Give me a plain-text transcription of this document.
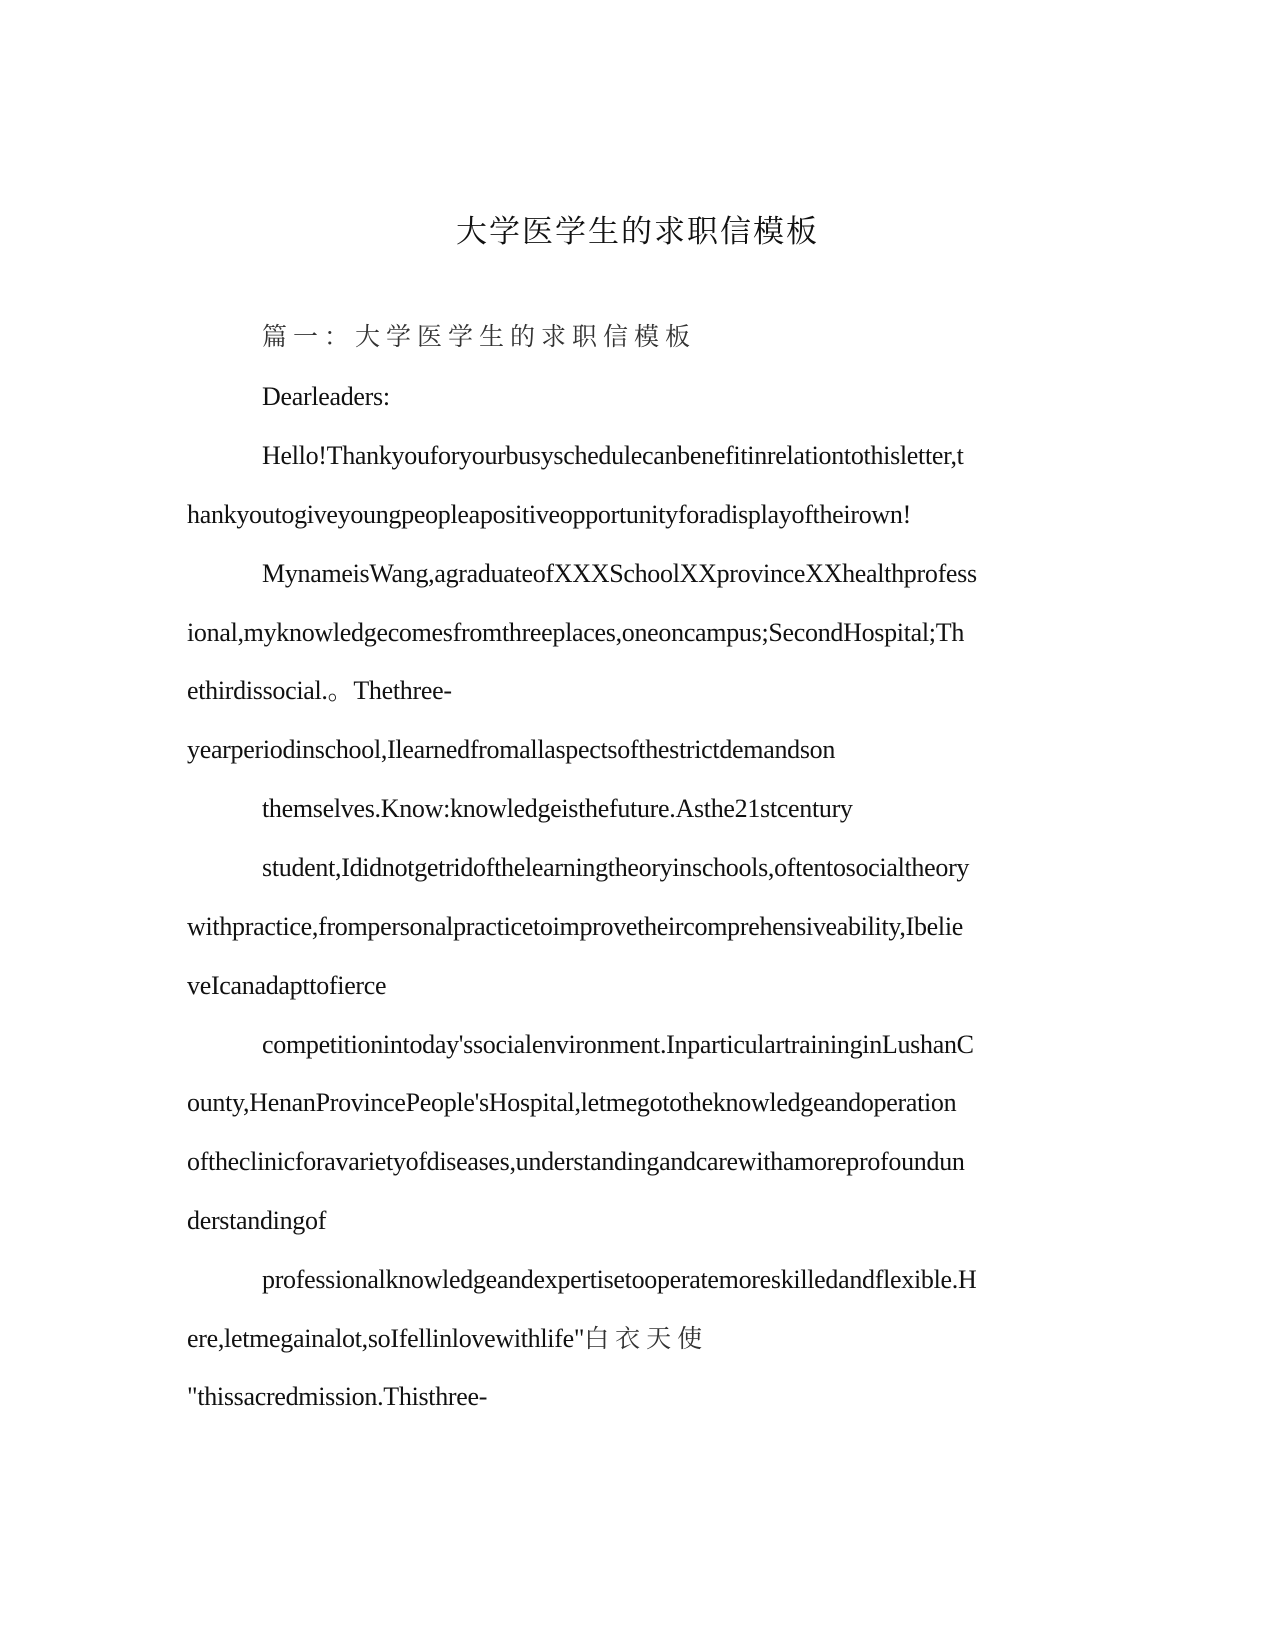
大学医学生的求职信模板
篇一：大学医学生的求职信模板
Dearleaders:
Hello!Thankyouforyourbusyschedulecanbenefitinrelationtothisletter,t
hankyoutogiveyoungpeopleapositiveopportunityforadisplayoftheirown!
MynameisWang,agraduateofXXXSchoolXXprovinceXXhealthprofess
ional,myknowledgecomesfromthreeplaces,oneoncampus;SecondHospital;Th
ethirdissocial.。Thethree-
yearperiodinschool,Ilearnedfromallaspectsofthestrictdemandson
themselves.Know:knowledgeisthefuture.Asthe21stcentury
student,Ididnotgetridofthelearningtheoryinschools,oftentosocialtheory
withpractice,frompersonalpracticetoimprovetheircomprehensiveability,Ibelie
veIcanadapttofierce
competitionintoday'ssocialenvironment.InparticulartraininginLushanC
ounty,HenanProvincePeople'sHospital,letmegototheknowledgeandoperation
oftheclinicforavarietyofdiseases,understandingandcarewithamoreprofoundun
derstandingof
professionalknowledgeandexpertisetooperatemoreskilledandflexible.H
ere,letmegainalot,soIfellinlovewithlife"白衣天使
"thissacredmission.Thisthree-
